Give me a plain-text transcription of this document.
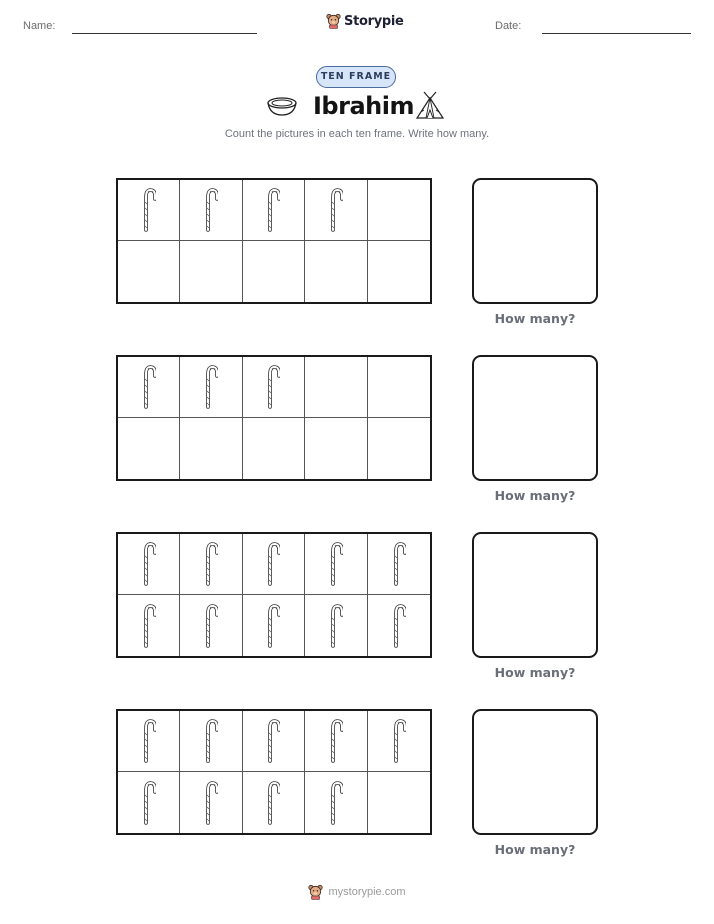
Name:	Storypie	Date:
TEN FRAME
Ibrahim
Count the pictures in each ten frame. Write how many.
How many?
How many?
How many?
How many?
mystorypie.com
